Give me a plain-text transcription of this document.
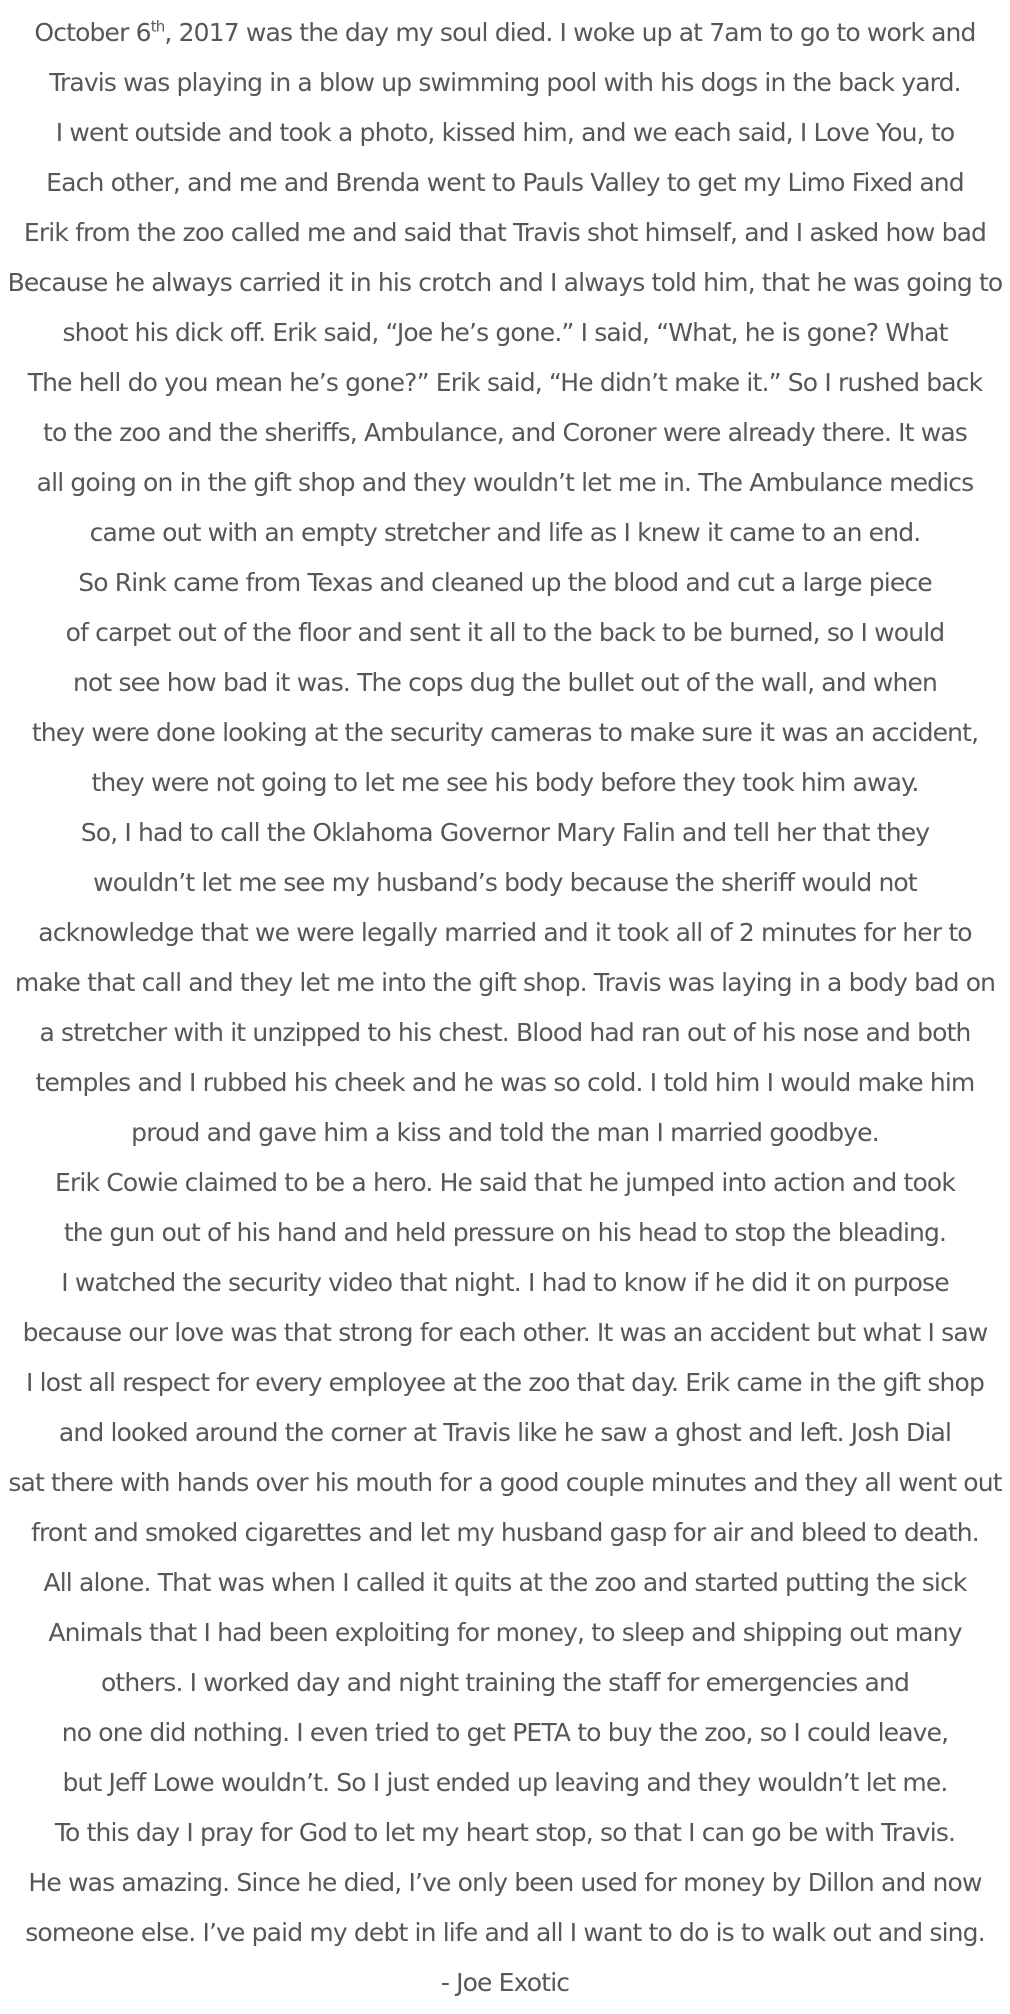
October 6th, 2017 was the day my soul died. I woke up at 7am to go to work and
Travis was playing in a blow up swimming pool with his dogs in the back yard.
I went outside and took a photo, kissed him, and we each said, I Love You, to
Each other, and me and Brenda went to Pauls Valley to get my Limo Fixed and
Erik from the zoo called me and said that Travis shot himself, and I asked how bad
Because he always carried it in his crotch and I always told him, that he was going to
shoot his dick off. Erik said, “Joe he’s gone.” I said, “What, he is gone? What
The hell do you mean he’s gone?” Erik said, “He didn’t make it.” So I rushed back
to the zoo and the sheriffs, Ambulance, and Coroner were already there. It was
all going on in the gift shop and they wouldn’t let me in. The Ambulance medics
came out with an empty stretcher and life as I knew it came to an end.
So Rink came from Texas and cleaned up the blood and cut a large piece
of carpet out of the floor and sent it all to the back to be burned, so I would
not see how bad it was. The cops dug the bullet out of the wall, and when
they were done looking at the security cameras to make sure it was an accident,
they were not going to let me see his body before they took him away.
So, I had to call the Oklahoma Governor Mary Falin and tell her that they
wouldn’t let me see my husband’s body because the sheriff would not
acknowledge that we were legally married and it took all of 2 minutes for her to
make that call and they let me into the gift shop. Travis was laying in a body bad on
a stretcher with it unzipped to his chest. Blood had ran out of his nose and both
temples and I rubbed his cheek and he was so cold. I told him I would make him
proud and gave him a kiss and told the man I married goodbye.
Erik Cowie claimed to be a hero. He said that he jumped into action and took
the gun out of his hand and held pressure on his head to stop the bleading.
I watched the security video that night. I had to know if he did it on purpose
because our love was that strong for each other. It was an accident but what I saw
I lost all respect for every employee at the zoo that day. Erik came in the gift shop
and looked around the corner at Travis like he saw a ghost and left. Josh Dial
sat there with hands over his mouth for a good couple minutes and they all went out
front and smoked cigarettes and let my husband gasp for air and bleed to death.
All alone. That was when I called it quits at the zoo and started putting the sick
Animals that I had been exploiting for money, to sleep and shipping out many
others. I worked day and night training the staff for emergencies and
no one did nothing. I even tried to get PETA to buy the zoo, so I could leave,
but Jeff Lowe wouldn’t. So I just ended up leaving and they wouldn’t let me.
To this day I pray for God to let my heart stop, so that I can go be with Travis.
He was amazing. Since he died, I’ve only been used for money by Dillon and now
someone else. I’ve paid my debt in life and all I want to do is to walk out and sing.
- Joe Exotic
